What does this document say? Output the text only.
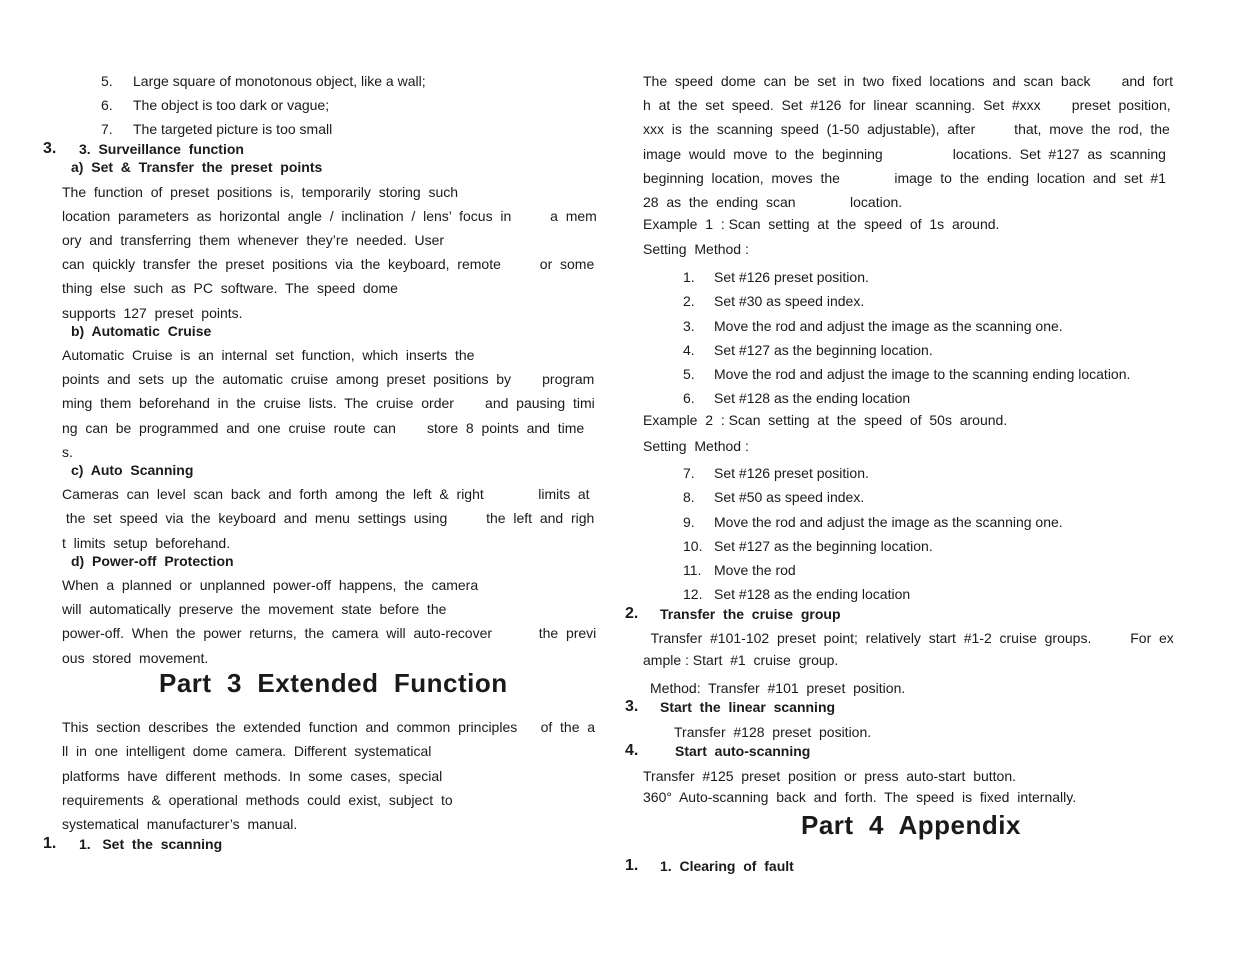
5. Large square of monotonous object, like a wall;
6. The object is too dark or vague;
7. The targeted picture is too small
3. 3.  Surveillance  function
a)  Set  &  Transfer  the  preset  points
The  function  of  preset  positions  is,  temporarily  storing  such
location  parameters  as  horizontal  angle  /  inclination  /  lens’  focus  in          a  mem
ory  and  transferring  them  whenever  they’re  needed.  User
can  quickly  transfer  the  preset  positions  via  the  keyboard,  remote          or  some
thing  else  such  as  PC  software.  The  speed  dome
supports  127  preset  points.
b)  Automatic  Cruise
Automatic  Cruise  is  an  internal  set  function,  which  inserts  the
points  and  sets  up  the  automatic  cruise  among  preset  positions  by        program
ming  them  beforehand  in  the  cruise  lists.  The  cruise  order        and  pausing  timi
ng  can  be  programmed  and  one  cruise  route  can        store  8  points  and  time
s.
c)  Auto  Scanning
Cameras  can  level  scan  back  and  forth  among  the  left  &  right              limits  at
the  set  speed  via  the  keyboard  and  menu  settings  using          the  left  and  righ
t  limits  setup  beforehand.
d)  Power-off  Protection
When  a  planned  or  unplanned  power-off  happens,  the  camera
will  automatically  preserve  the  movement  state  before  the
power-off.  When  the  power  returns,  the  camera  will  auto-recover            the  previ
ous  stored  movement.
Part  3  Extended  Function
This  section  describes  the  extended  function  and  common  principles      of  the  a
ll  in  one  intelligent  dome  camera.  Different  systematical
platforms  have  different  methods.  In  some  cases,  special
requirements  &  operational  methods  could  exist,  subject  to
systematical  manufacturer’s  manual.
1. 1.   Set  the  scanning
The  speed  dome  can  be  set  in  two  fixed  locations  and  scan  back        and  fort
h  at  the  set  speed.  Set  #126  for  linear  scanning.  Set  #xxx        preset  position,
xxx  is  the  scanning  speed  (1-50  adjustable),  after          that,  move  the  rod,  the
image  would  move  to  the  beginning                  locations.  Set  #127  as  scanning
beginning  location,  moves  the              image  to  the  ending  location  and  set  #1
28  as  the  ending  scan              location.
Example  1  : Scan  setting  at  the  speed  of  1s  around.
Setting  Method :
1. Set #126 preset position.
2. Set #30 as speed index.
3. Move the rod and adjust the image as the scanning one.
4. Set #127 as the beginning location.
5. Move the rod and adjust the image to the scanning ending location.
6. Set #128 as the ending location
Example  2  : Scan  setting  at  the  speed  of  50s  around.
Setting  Method :
7. Set #126 preset position.
8. Set #50 as speed index.
9. Move the rod and adjust the image as the scanning one.
10. Set #127 as the beginning location.
11. Move the rod
12. Set #128 as the ending location
2. Transfer  the  cruise  group
Transfer  #101-102  preset  point;  relatively  start  #1-2  cruise  groups.          For  ex
ample : Start  #1  cruise  group.
Method:  Transfer  #101  preset  position.
3. Start  the  linear  scanning
Transfer  #128  preset  position.
4.	Start  auto-scanning
Transfer  #125  preset  position  or  press  auto-start  button.
360°  Auto-scanning  back  and  forth.  The  speed  is  fixed  internally.
Part  4  Appendix
1. 1.  Clearing  of  fault
